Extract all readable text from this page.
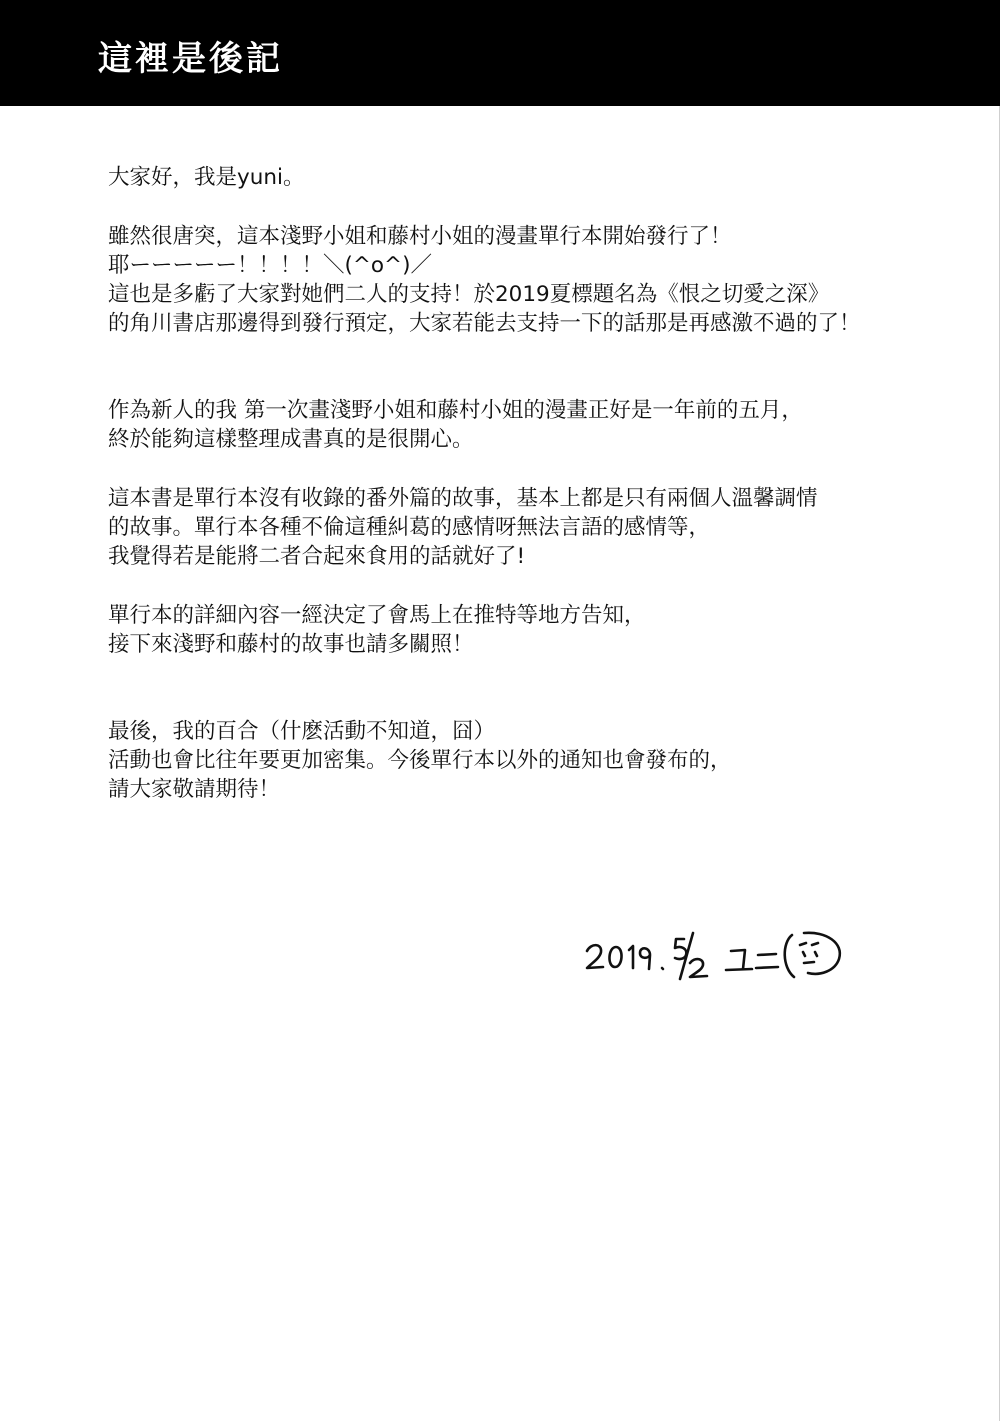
這裡是後記
大家好，我是yuni。
雖然很唐突，這本淺野小姐和藤村小姐的漫畫單行本開始發行了！
耶ーーーーー！！！！＼(^o^)／
這也是多虧了大家對她們二人的支持！於2019夏標題名為《恨之切愛之深》
的角川書店那邊得到發行預定，大家若能去支持一下的話那是再感激不過的了！
作為新人的我 第一次畫淺野小姐和藤村小姐的漫畫正好是一年前的五月，
終於能夠這樣整理成書真的是很開心。
這本書是單行本沒有收錄的番外篇的故事，基本上都是只有兩個人溫馨調情
的故事。單行本各種不倫這種糾葛的感情呀無法言語的感情等，
我覺得若是能將二者合起來食用的話就好了!
單行本的詳細內容一經決定了會馬上在推特等地方告知，
接下來淺野和藤村的故事也請多關照！
最後，我的百合（什麽活動不知道，囧）
活動也會比往年要更加密集。今後單行本以外的通知也會發布的，
請大家敬請期待！
